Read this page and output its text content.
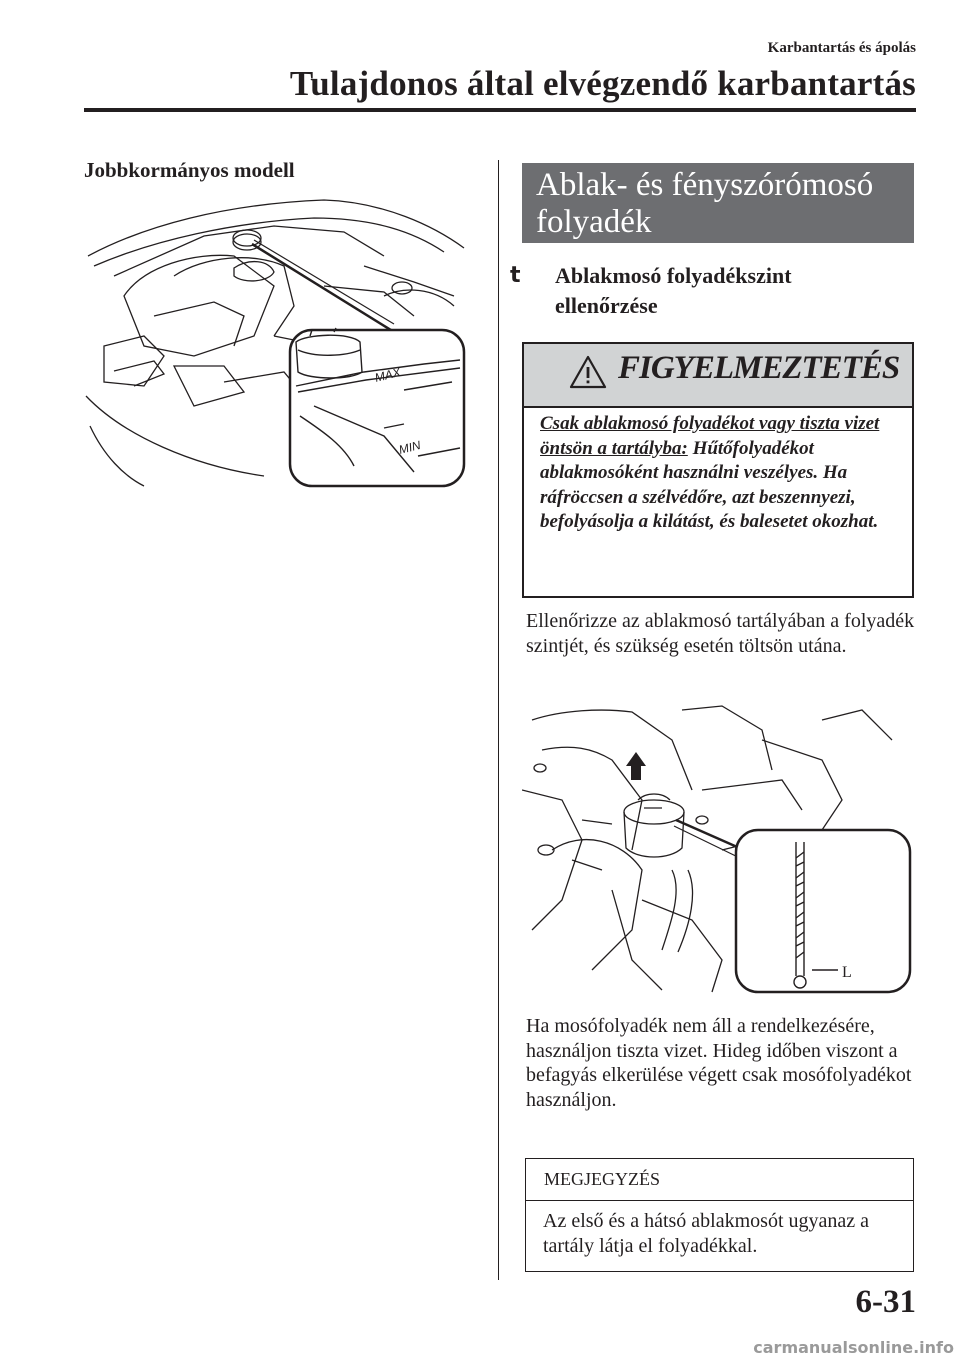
Karbantartás és ápolás
Tulajdonos által elvégzendő karbantartás
Jobbkormányos modell
MAX
MIN
Ablak- és fényszórómosó
folyadék
t Ablakmosó folyadékszint ellenőrzése
FIGYELMEZTETÉS
Csak ablakmosó folyadékot vagy tiszta vizet öntsön a tartályba: Hűtőfolyadékot ablakmosóként használni veszélyes. Ha ráfröccsen a szélvédőre, azt beszennyezi, befolyásolja a kilátást, és balesetet okozhat.
Ellenőrizze az ablakmosó tartályában a folyadék szintjét, és szükség esetén töltsön utána.
L
Ha mosófolyadék nem áll a rendelkezésére, használjon tiszta vizet. Hideg időben viszont a befagyás elkerülése végett csak mosófolyadékot használjon.
MEGJEGYZÉS
Az első és a hátsó ablakmosót ugyanaz a tartály látja el folyadékkal.
6-31
carmanualsonline.info
